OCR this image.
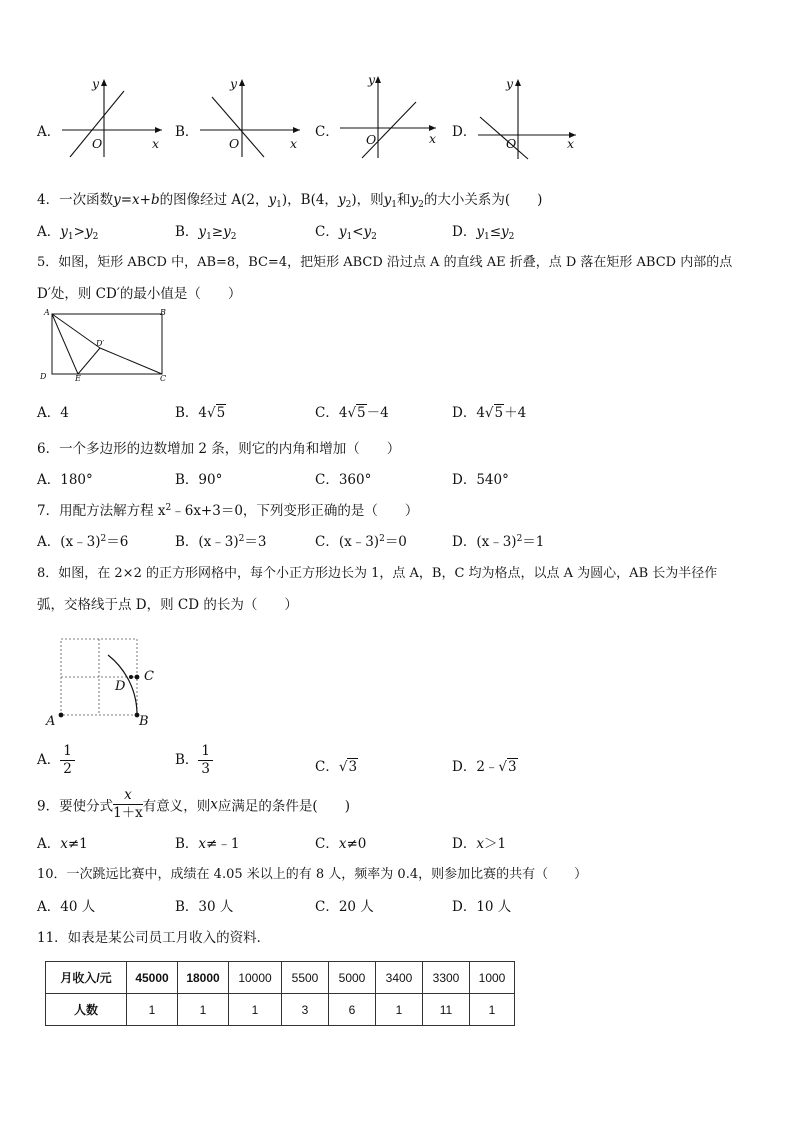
A．
y
x
O
B．
y
x
O
C．
y
x
O	D．
y
x
O
4．一次函数y=x+b的图像经过 A(2，$y_1$)，B(4，$y_2$)，则$y_1$和$y_2$的大小关系为(　　)
A．$y_1>y_2$	B．$y_1\ge y_2$	C．$y_1<y_2$	D．$y_1\le y_2$
5．如图，矩形 ABCD 中，AB=8，BC=4，把矩形 ABCD 沿过点 A 的直线 AE 折叠，点 D 落在矩形 ABCD 内部的点
D′处，则 CD′的最小值是（　　）
A	B
D	E	C
D′
A．4	B．4√5	C．4√5－4	D．4√5＋4
6．一个多边形的边数增加 2 条，则它的内角和增加（　　）
A．180°	B．90°	C．360°	D．540°
7．用配方法解方程 $x^2﹣6x+3=0$，下列变形正确的是（　　）
A．(x﹣3)$^2$＝6	B．(x﹣3)$^2$＝3	C．(x﹣3)$^2$＝0	D．(x﹣3)$^2$＝1
8．如图，在 2×2 的正方形网格中，每个小正方形边长为 1，点 A，B，C 均为格点，以点 A 为圆心，AB 长为半径作
弧，交格线于点 D，则 CD 的长为（　　）
A	B
C
D
A． $\frac{1}{2}$	B． $\frac{1}{3}$	C．√3	D．2﹣√3
9．要使分式 $\frac{x}{1+x}$ 有意义，则x应满足的条件是(　　)
A．x≠1	B．x≠﹣1	C．x≠0	D．x＞1
10．一次跳远比赛中，成绩在 4.05 米以上的有 8 人，频率为 0.4，则参加比赛的共有（　　）
A．40 人	B．30 人	C．20 人	D．10 人
11．如表是某公司员工月收入的资料．
月收入/元	45000	18000	10000	5500	5000	3400	3300	1000
人数	1	1	1	3	6	1	11	1
